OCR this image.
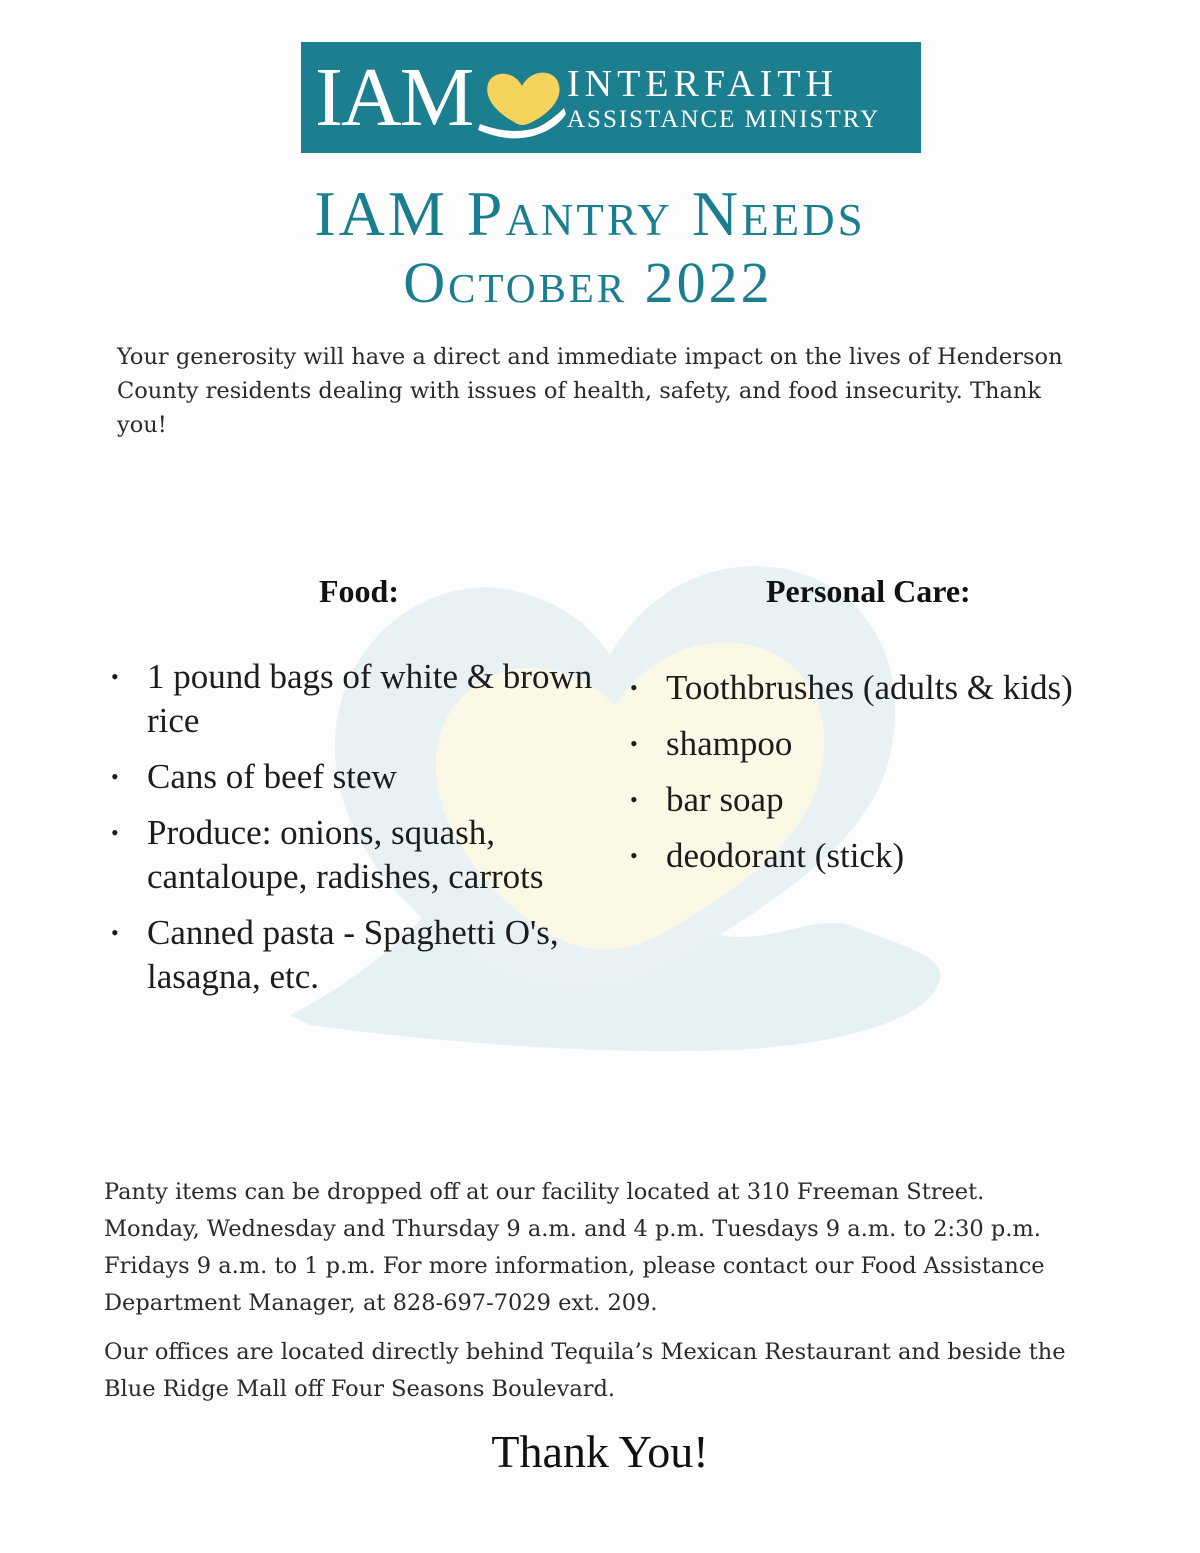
IAM INTERFAITH
ASSISTANCE MINISTRY
IAM Pantry Needs
October 2022

Your generosity will have a direct and immediate impact on the lives of Henderson County residents dealing with issues of health, safety, and food insecurity. Thank you!

Food:	Personal Care:
• 1 pound bags of white & brown rice
• Cans of beef stew
• Produce: onions, squash, cantaloupe, radishes, carrots
• Canned pasta - Spaghetti O's, lasagna, etc.
• Toothbrushes (adults & kids)
• shampoo
• bar soap
• deodorant (stick)

Panty items can be dropped off at our facility located at 310 Freeman Street. Monday, Wednesday and Thursday 9 a.m. and 4 p.m. Tuesdays 9 a.m. to 2:30 p.m. Fridays 9 a.m. to 1 p.m. For more information, please contact our Food Assistance Department Manager, at 828-697-7029 ext. 209.

Our offices are located directly behind Tequila’s Mexican Restaurant and beside the Blue Ridge Mall off Four Seasons Boulevard.

Thank You!
